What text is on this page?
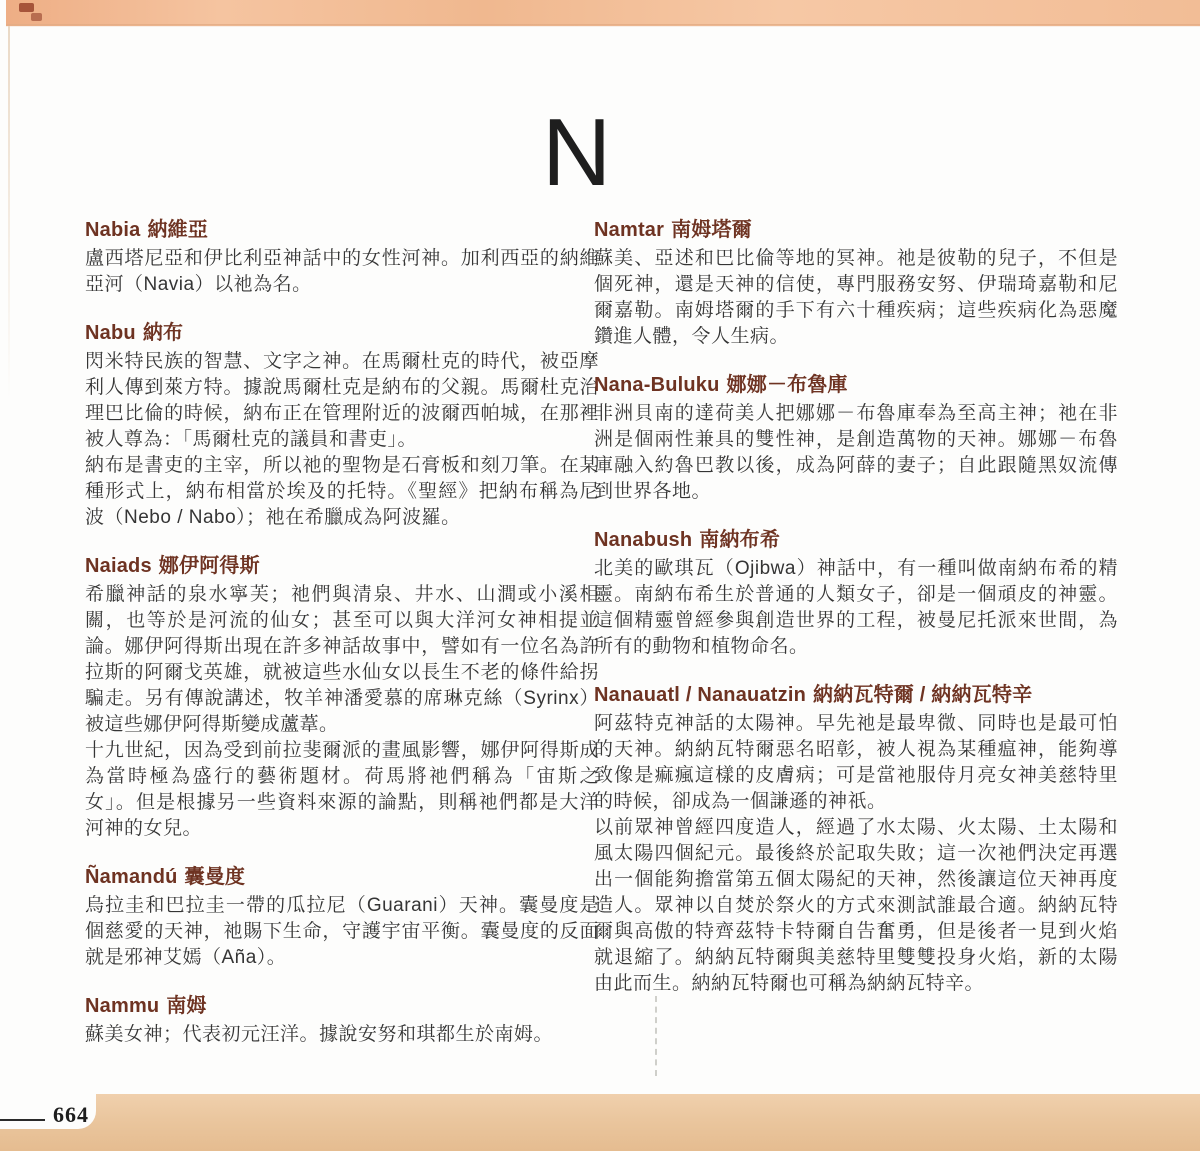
N
Nabia 納維亞

盧西塔尼亞和伊比利亞神話中的女性河神。加利西亞的納維亞河（Navia）以祂為名。

Nabu 納布

閃米特民族的智慧、文字之神。在馬爾杜克的時代，被亞摩利人傳到萊方特。據說馬爾杜克是納布的父親。馬爾杜克治理巴比倫的時候，納布正在管理附近的波爾西帕城，在那裡被人尊為：「馬爾杜克的議員和書吏」。

納布是書吏的主宰，所以祂的聖物是石膏板和刻刀筆。在某種形式上，納布相當於埃及的托特。《聖經》把納布稱為尼波（Nebo / Nabo）；祂在希臘成為阿波羅。

Naiads 娜伊阿得斯

希臘神話的泉水寧芙；祂們與清泉、井水、山澗或小溪相關，也等於是河流的仙女；甚至可以與大洋河女神相提並論。娜伊阿得斯出現在許多神話故事中，譬如有一位名為許拉斯的阿爾戈英雄，就被這些水仙女以長生不老的條件給拐騙走。另有傳說講述，牧羊神潘愛慕的席琳克絲（Syrinx）被這些娜伊阿得斯變成蘆葦。

十九世紀，因為受到前拉斐爾派的畫風影響，娜伊阿得斯成為當時極為盛行的藝術題材。荷馬將祂們稱為「宙斯之女」。但是根據另一些資料來源的論點，則稱祂們都是大洋河神的女兒。

Ñamandú 囊曼度

烏拉圭和巴拉圭一帶的瓜拉尼（Guarani）天神。囊曼度是個慈愛的天神，祂賜下生命，守護宇宙平衡。囊曼度的反面就是邪神艾嫣（Aña）。

Nammu 南姆

蘇美女神；代表初元汪洋。據說安努和琪都生於南姆。

Namtar 南姆塔爾

蘇美、亞述和巴比倫等地的冥神。祂是彼勒的兒子，不但是個死神，還是天神的信使，專門服務安努、伊瑞琦嘉勒和尼爾嘉勒。南姆塔爾的手下有六十種疾病；這些疾病化為惡魔鑽進人體，令人生病。

Nana-Buluku 娜娜－布魯庫

非洲貝南的達荷美人把娜娜－布魯庫奉為至高主神；祂在非洲是個兩性兼具的雙性神，是創造萬物的天神。娜娜－布魯庫融入約魯巴教以後，成為阿薛的妻子；自此跟隨黑奴流傳到世界各地。

Nanabush 南納布希

北美的歐琪瓦（Ojibwa）神話中，有一種叫做南納布希的精靈。南納布希生於普通的人類女子，卻是一個頑皮的神靈。這個精靈曾經參與創造世界的工程，被曼尼托派來世間，為所有的動物和植物命名。

Nanauatl / Nanauatzin 納納瓦特爾 / 納納瓦特辛

阿茲特克神話的太陽神。早先祂是最卑微、同時也是最可怕的天神。納納瓦特爾惡名昭彰，被人視為某種瘟神，能夠導致像是痲瘋這樣的皮膚病；可是當祂服侍月亮女神美慈特里的時候，卻成為一個謙遜的神祇。

以前眾神曾經四度造人，經過了水太陽、火太陽、土太陽和風太陽四個紀元。最後終於記取失敗；這一次祂們決定再選出一個能夠擔當第五個太陽紀的天神，然後讓這位天神再度造人。眾神以自焚於祭火的方式來測試誰最合適。納納瓦特爾與高傲的特齊茲特卡特爾自告奮勇，但是後者一見到火焰就退縮了。納納瓦特爾與美慈特里雙雙投身火焰，新的太陽由此而生。納納瓦特爾也可稱為納納瓦特辛。

664
